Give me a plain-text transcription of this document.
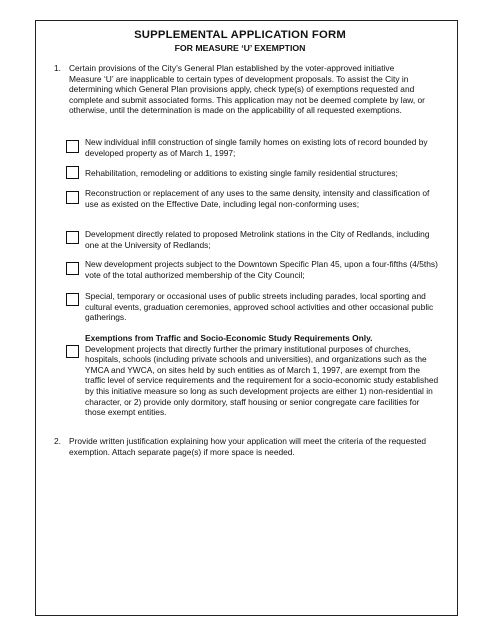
SUPPLEMENTAL APPLICATION FORM
FOR MEASURE ‘U’ EXEMPTION
1. Certain provisions of the City’s General Plan established by the voter-approved initiative Measure ‘U’ are inapplicable to certain types of development proposals. To assist the City in determining which General Plan provisions apply, check type(s) of exemptions requested and complete and submit associated forms. This application may not be deemed complete by law, or otherwise, until the determination is made on the applicability of all requested exemptions.
New individual infill construction of single family homes on existing lots of record bounded by developed property as of March 1, 1997;
Rehabilitation, remodeling or additions to existing single family residential structures;
Reconstruction or replacement of any uses to the same density, intensity and classification of use as existed on the Effective Date, including legal non-conforming uses;
Development directly related to proposed Metrolink stations in the City of Redlands, including one at the University of Redlands;
New development projects subject to the Downtown Specific Plan 45, upon a four-fifths (4/5ths) vote of the total authorized membership of the City Council;
Special, temporary or occasional uses of public streets including parades, local sporting and cultural events, graduation ceremonies, approved school activities and other occasional public gatherings.
Exemptions from Traffic and Socio-Economic Study Requirements Only.
Development projects that directly further the primary institutional purposes of churches, hospitals, schools (including private schools and universities), and organizations such as the YMCA and YWCA, on sites held by such entities as of March 1, 1997, are exempt from the traffic level of service requirements and the requirement for a socio-economic study established by this initiative measure so long as such development projects are either 1) non-residential in character, or 2) provide only dormitory, staff housing or senior congregate care facilities for those exempt entities.
2. Provide written justification explaining how your application will meet the criteria of the requested exemption. Attach separate page(s) if more space is needed.
